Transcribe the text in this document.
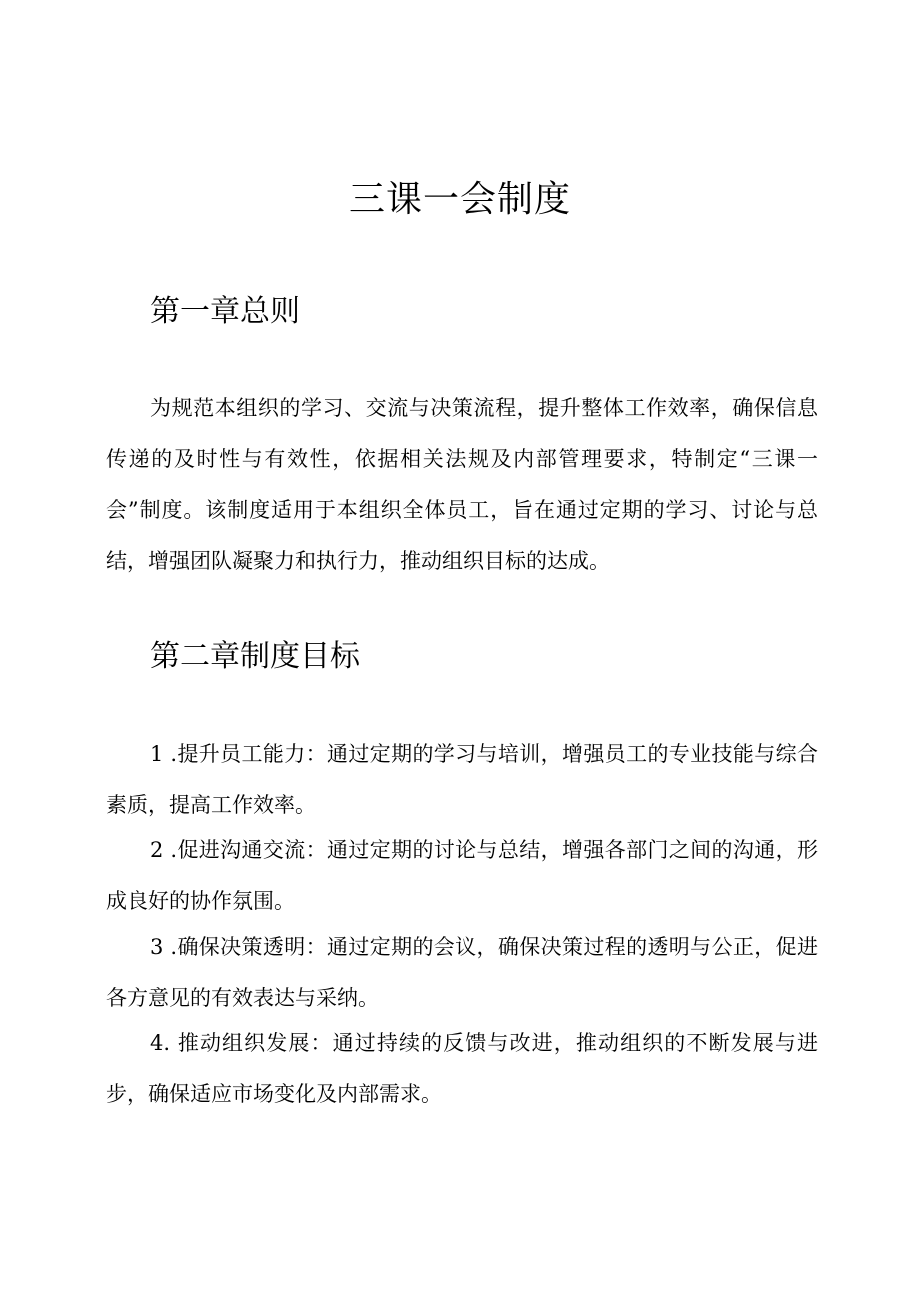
三课一会制度
第一章总则

为规范本组织的学习、交流与决策流程，提升整体工作效率，确保信息传递的及时性与有效性，依据相关法规及内部管理要求，特制定“三课一会”制度。该制度适用于本组织全体员工，旨在通过定期的学习、讨论与总结，增强团队凝聚力和执行力，推动组织目标的达成。

第二章制度目标

1 .提升员工能力：通过定期的学习与培训，增强员工的专业技能与综合素质，提高工作效率。

2 .促进沟通交流：通过定期的讨论与总结，增强各部门之间的沟通，形成良好的协作氛围。

3 .确保决策透明：通过定期的会议，确保决策过程的透明与公正，促进各方意见的有效表达与采纳。

4. 推动组织发展：通过持续的反馈与改进，推动组织的不断发展与进步，确保适应市场变化及内部需求。
